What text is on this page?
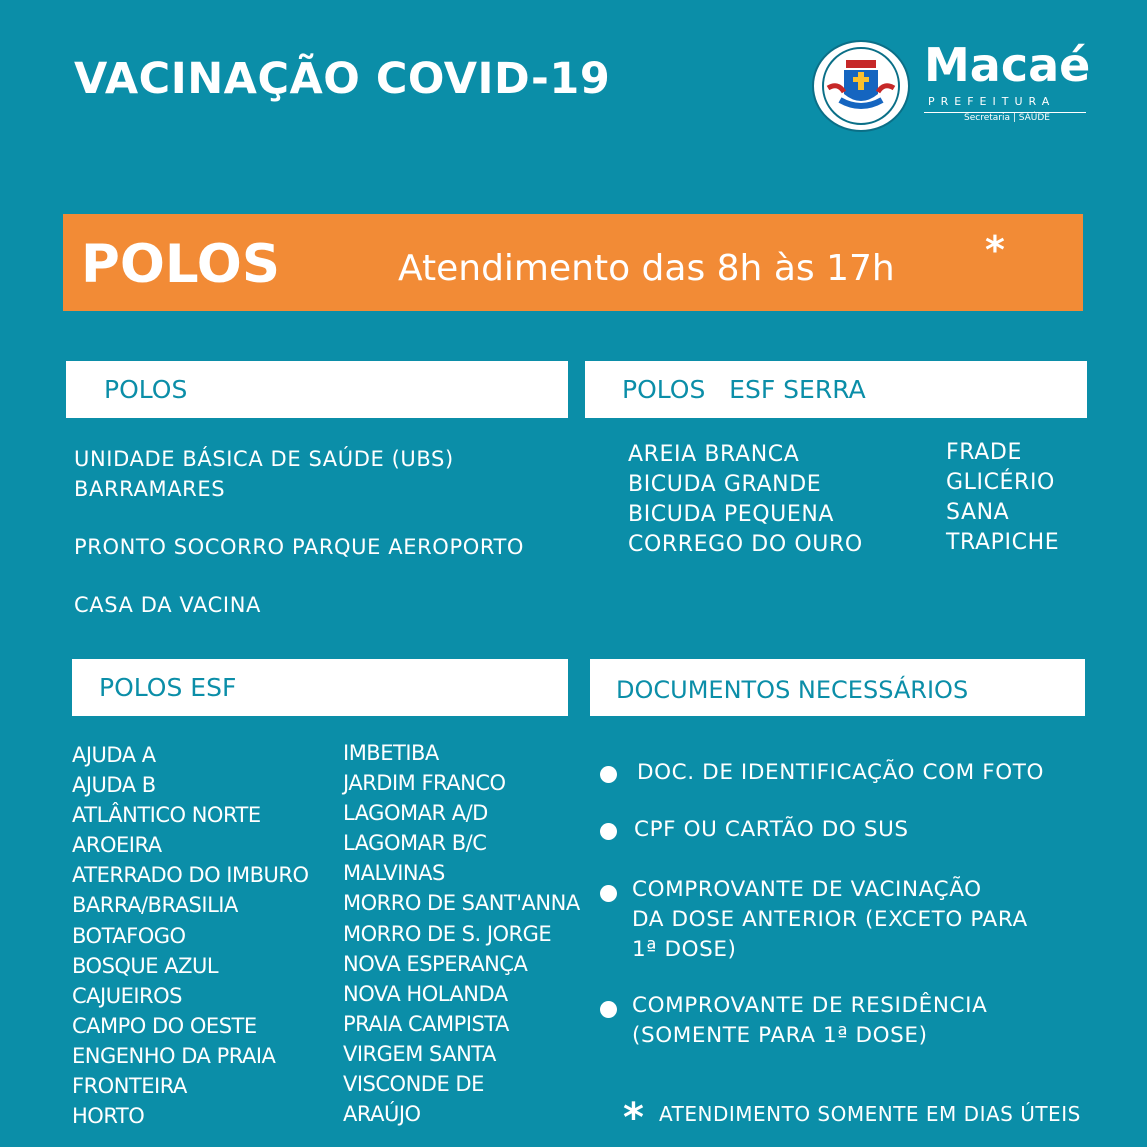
VACINAÇÃO COVID-19	Macaé
PREFEITURA
Secretaria | SAÚDE
POLOS	Atendimento das 8h às 17h *
POLOS
UNIDADE BÁSICA DE SAÚDE (UBS)
BARRAMARES
PRONTO SOCORRO PARQUE AEROPORTO
CASA DA VACINA
POLOS   ESF SERRA
AREIA BRANCA
BICUDA GRANDE
BICUDA PEQUENA
CORREGO DO OURO
FRADE
GLICÉRIO
SANA
TRAPICHE
POLOS ESF
AJUDA A
AJUDA B
ATLÂNTICO NORTE
AROEIRA
ATERRADO DO IMBURO
BARRA/BRASILIA
BOTAFOGO
BOSQUE AZUL
CAJUEIROS
CAMPO DO OESTE
ENGENHO DA PRAIA
FRONTEIRA
HORTO
IMBETIBA
JARDIM FRANCO
LAGOMAR A/D
LAGOMAR B/C
MALVINAS
MORRO DE SANT'ANNA
MORRO DE S. JORGE
NOVA ESPERANÇA
NOVA HOLANDA
PRAIA CAMPISTA
VIRGEM SANTA
VISCONDE DE
ARAÚJO
DOCUMENTOS NECESSÁRIOS
DOC. DE IDENTIFICAÇÃO COM FOTO
CPF OU CARTÃO DO SUS
COMPROVANTE DE VACINAÇÃO
DA DOSE ANTERIOR (EXCETO PARA
1ª DOSE)
COMPROVANTE DE RESIDÊNCIA
(SOMENTE PARA 1ª DOSE)
* ATENDIMENTO SOMENTE EM DIAS ÚTEIS
